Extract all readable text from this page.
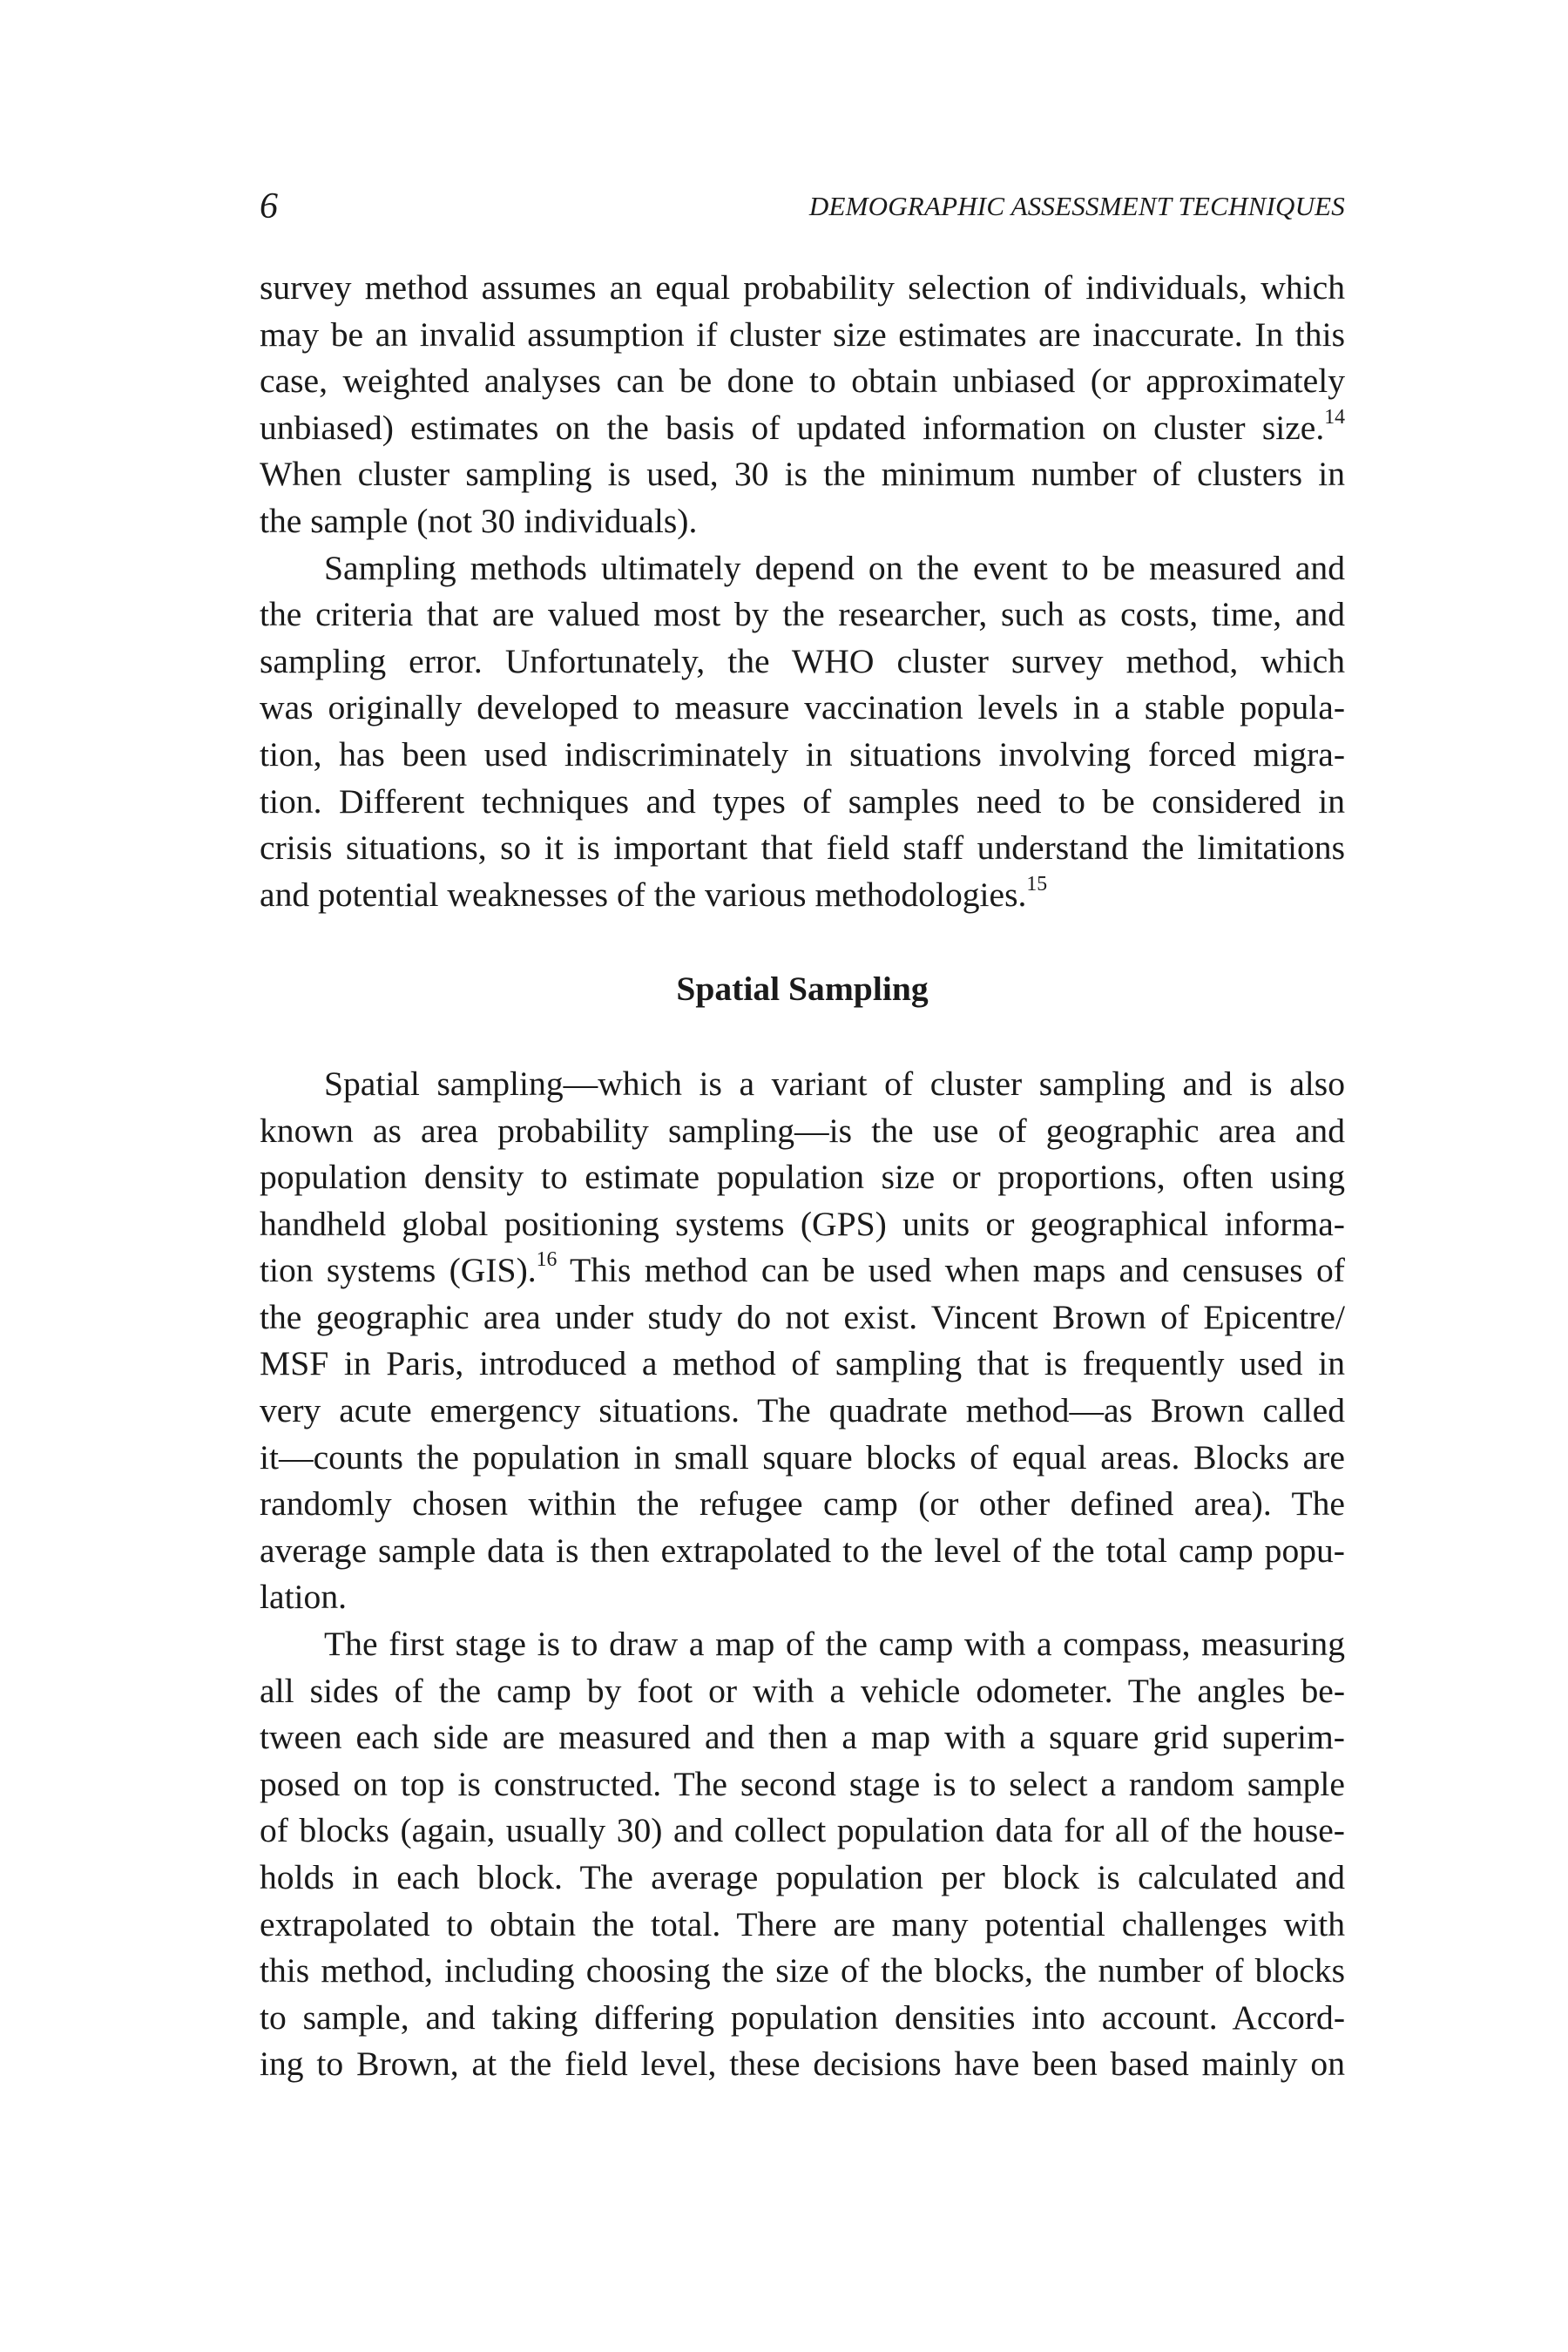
6	DEMOGRAPHIC ASSESSMENT TECHNIQUES
survey method assumes an equal probability selection of individuals, which
may be an invalid assumption if cluster size estimates are inaccurate. In this
case, weighted analyses can be done to obtain unbiased (or approximately
unbiased) estimates on the basis of updated information on cluster size.$^{14}$
When cluster sampling is used, 30 is the minimum number of clusters in
the sample (not 30 individuals).
Sampling methods ultimately depend on the event to be measured and
the criteria that are valued most by the researcher, such as costs, time, and
sampling error. Unfortunately, the WHO cluster survey method, which
was originally developed to measure vaccination levels in a stable popula-
tion, has been used indiscriminately in situations involving forced migra-
tion. Different techniques and types of samples need to be considered in
crisis situations, so it is important that field staff understand the limitations
and potential weaknesses of the various methodologies.$^{15}$
Spatial Sampling
Spatial sampling—which is a variant of cluster sampling and is also
known as area probability sampling—is the use of geographic area and
population density to estimate population size or proportions, often using
handheld global positioning systems (GPS) units or geographical informa-
tion systems (GIS).$^{16}$ This method can be used when maps and censuses of
the geographic area under study do not exist. Vincent Brown of Epicentre/
MSF in Paris, introduced a method of sampling that is frequently used in
very acute emergency situations. The quadrate method—as Brown called
it—counts the population in small square blocks of equal areas. Blocks are
randomly chosen within the refugee camp (or other defined area). The
average sample data is then extrapolated to the level of the total camp popu-
lation.
The first stage is to draw a map of the camp with a compass, measuring
all sides of the camp by foot or with a vehicle odometer. The angles be-
tween each side are measured and then a map with a square grid superim-
posed on top is constructed. The second stage is to select a random sample
of blocks (again, usually 30) and collect population data for all of the house-
holds in each block. The average population per block is calculated and
extrapolated to obtain the total. There are many potential challenges with
this method, including choosing the size of the blocks, the number of blocks
to sample, and taking differing population densities into account. Accord-
ing to Brown, at the field level, these decisions have been based mainly on
